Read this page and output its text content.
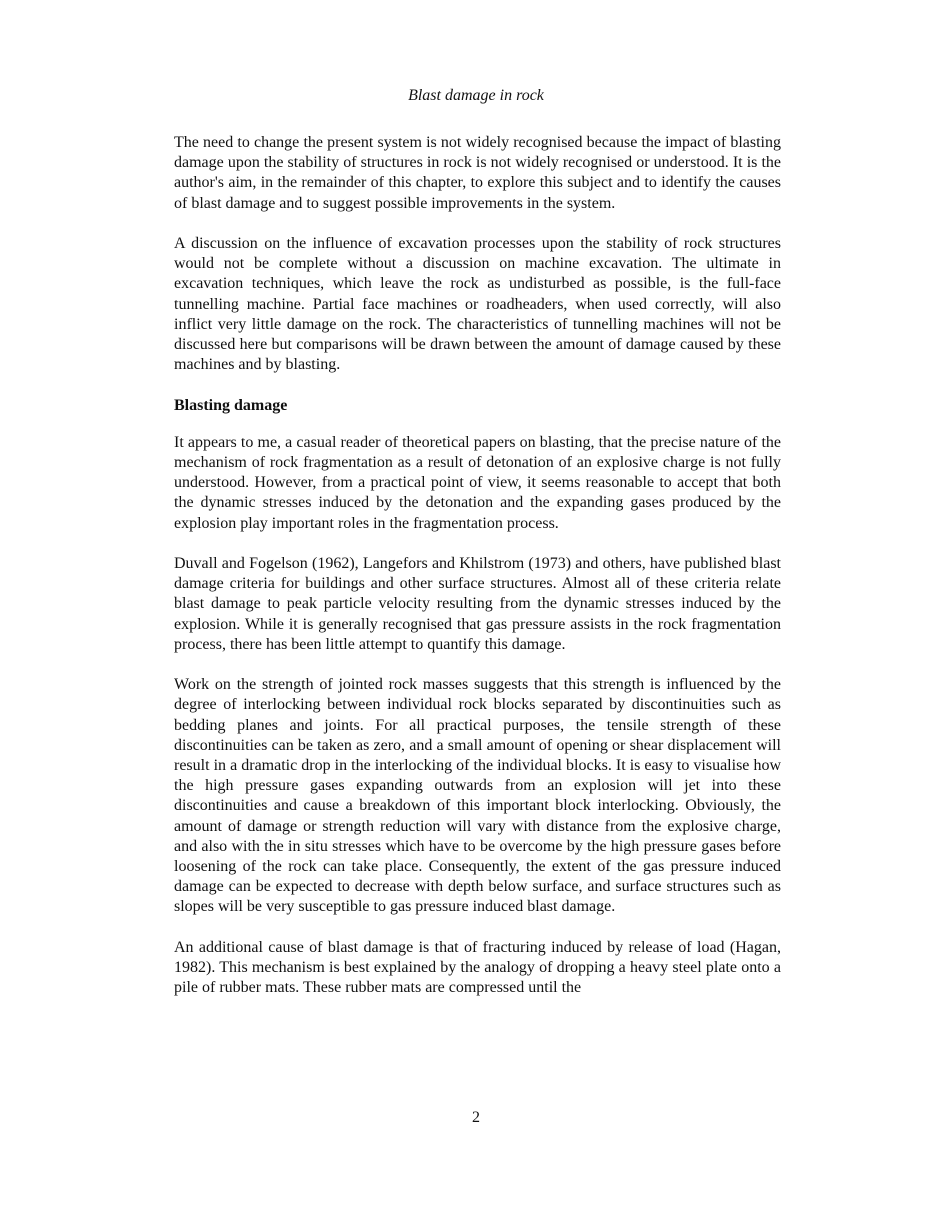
Blast damage in rock

The need to change the present system is not widely recognised because the impact of blasting damage upon the stability of structures in rock is not widely recognised or understood. It is the author's aim, in the remainder of this chapter, to explore this subject and to identify the causes of blast damage and to suggest possible improvements in the system.

A discussion on the influence of excavation processes upon the stability of rock structures would not be complete without a discussion on machine excavation. The ultimate in excavation techniques, which leave the rock as undisturbed as possible, is the full-face tunnelling machine. Partial face machines or roadheaders, when used correctly, will also inflict very little damage on the rock. The characteristics of tunnelling machines will not be discussed here but comparisons will be drawn between the amount of damage caused by these machines and by blasting.

Blasting damage

It appears to me, a casual reader of theoretical papers on blasting, that the precise nature of the mechanism of rock fragmentation as a result of detonation of an explosive charge is not fully understood. However, from a practical point of view, it seems reasonable to accept that both the dynamic stresses induced by the detonation and the expanding gases produced by the explosion play important roles in the fragmentation process.

Duvall and Fogelson (1962), Langefors and Khilstrom (1973) and others, have published blast damage criteria for buildings and other surface structures. Almost all of these criteria relate blast damage to peak particle velocity resulting from the dynamic stresses induced by the explosion. While it is generally recognised that gas pressure assists in the rock fragmentation process, there has been little attempt to quantify this damage.

Work on the strength of jointed rock masses suggests that this strength is influenced by the degree of interlocking between individual rock blocks separated by discontinuities such as bedding planes and joints. For all practical purposes, the tensile strength of these discontinuities can be taken as zero, and a small amount of opening or shear displacement will result in a dramatic drop in the interlocking of the individual blocks. It is easy to visualise how the high pressure gases expanding outwards from an explosion will jet into these discontinuities and cause a breakdown of this important block interlocking. Obviously, the amount of damage or strength reduction will vary with distance from the explosive charge, and also with the in situ stresses which have to be overcome by the high pressure gases before loosening of the rock can take place. Consequently, the extent of the gas pressure induced damage can be expected to decrease with depth below surface, and surface structures such as slopes will be very susceptible to gas pressure induced blast damage.

An additional cause of blast damage is that of fracturing induced by release of load (Hagan, 1982). This mechanism is best explained by the analogy of dropping a heavy steel plate onto a pile of rubber mats. These rubber mats are compressed until the

2
